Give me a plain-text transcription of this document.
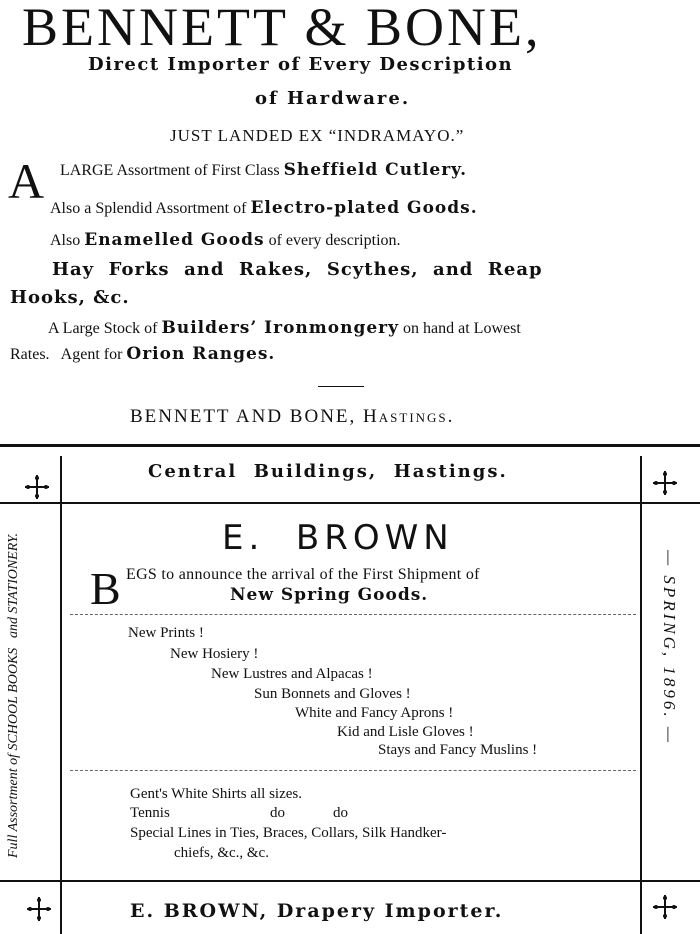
BENNETT & BONE,
Direct Importer of Every Description
of Hardware.
JUST LANDED EX “INDRAMAYO.”
A LARGE Assortment of First Class Sheffield Cutlery.
Also a Splendid Assortment of Electro-plated Goods.
Also Enamelled Goods of every description.
Hay  Forks  and  Rakes,  Scythes,  and  Reap
Hooks, &c.
A Large Stock of Builders’ Ironmongery on hand at Lowest
Rates.   Agent for Orion Ranges.
BENNETT AND BONE, Hastings.
Central  Buildings,  Hastings.
E.  BROWN
B EGS to announce the arrival of the First Shipment of
New Spring Goods.
New Prints !
New Hosiery !
New Lustres and Alpacas !
Sun Bonnets and Gloves !
White and Fancy Aprons !
Kid and Lisle Gloves !
Stays and Fancy Muslins !
Gent's White Shirts all sizes.
Tennis	do	do
Special Lines in Ties, Braces, Collars, Silk Handker-
chiefs, &c., &c.
Full Assortment of SCHOOL BOOKS
and STATIONERY.	— SPRING, 1896. —
E. BROWN, Drapery Importer.
